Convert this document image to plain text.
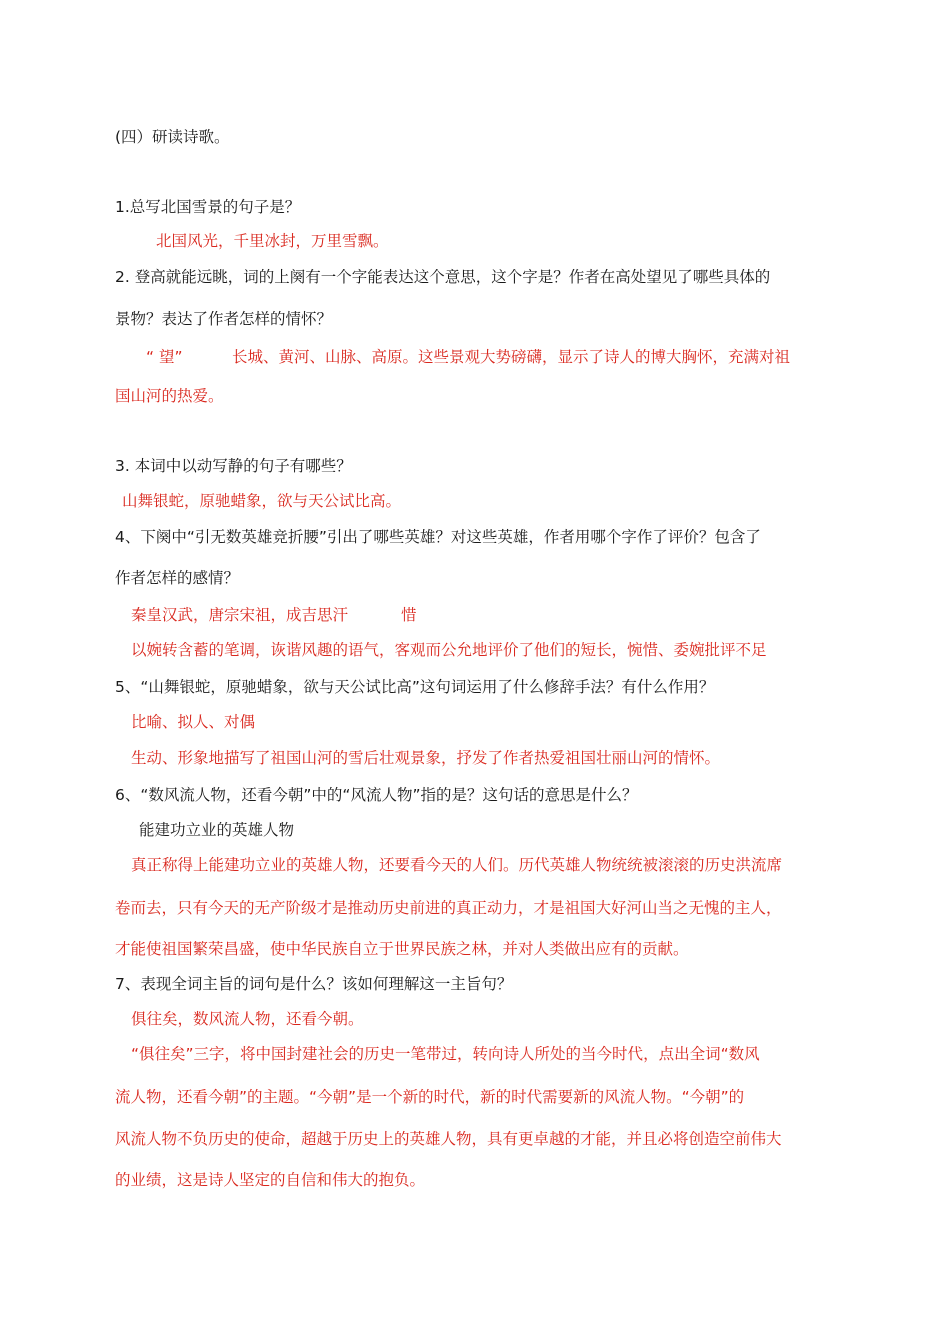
(四）研读诗歌。
1.总写北国雪景的句子是？
北国风光，千里冰封，万里雪飘。
2. 登高就能远眺，词的上阕有一个字能表达这个意思，这个字是？作者在高处望见了哪些具体的
景物？表达了作者怎样的情怀？
“ 望”	长城、黄河、山脉、高原。这些景观大势磅礴，显示了诗人的博大胸怀，充满对祖
国山河的热爱。
3. 本词中以动写静的句子有哪些？
山舞银蛇，原驰蜡象，欲与天公试比高。
4、下阕中“引无数英雄竞折腰”引出了哪些英雄？对这些英雄，作者用哪个字作了评价？包含了
作者怎样的感情？
秦皇汉武，唐宗宋祖，成吉思汗	惜
以婉转含蓄的笔调，诙谐风趣的语气，客观而公允地评价了他们的短长，惋惜、委婉批评不足
5、“山舞银蛇，原驰蜡象，欲与天公试比高”这句词运用了什么修辞手法？有什么作用？
比喻、拟人、对偶
生动、形象地描写了祖国山河的雪后壮观景象，抒发了作者热爱祖国壮丽山河的情怀。
6、“数风流人物，还看今朝”中的“风流人物”指的是？这句话的意思是什么？
能建功立业的英雄人物
真正称得上能建功立业的英雄人物，还要看今天的人们。历代英雄人物统统被滚滚的历史洪流席
卷而去，只有今天的无产阶级才是推动历史前进的真正动力，才是祖国大好河山当之无愧的主人，
才能使祖国繁荣昌盛，使中华民族自立于世界民族之林，并对人类做出应有的贡献。
7、表现全词主旨的词句是什么？该如何理解这一主旨句？
俱往矣，数风流人物，还看今朝。
“俱往矣”三字，将中国封建社会的历史一笔带过，转向诗人所处的当今时代，点出全词“数风
流人物，还看今朝”的主题。“今朝”是一个新的时代，新的时代需要新的风流人物。“今朝”的
风流人物不负历史的使命，超越于历史上的英雄人物，具有更卓越的才能，并且必将创造空前伟大
的业绩，这是诗人坚定的自信和伟大的抱负。
